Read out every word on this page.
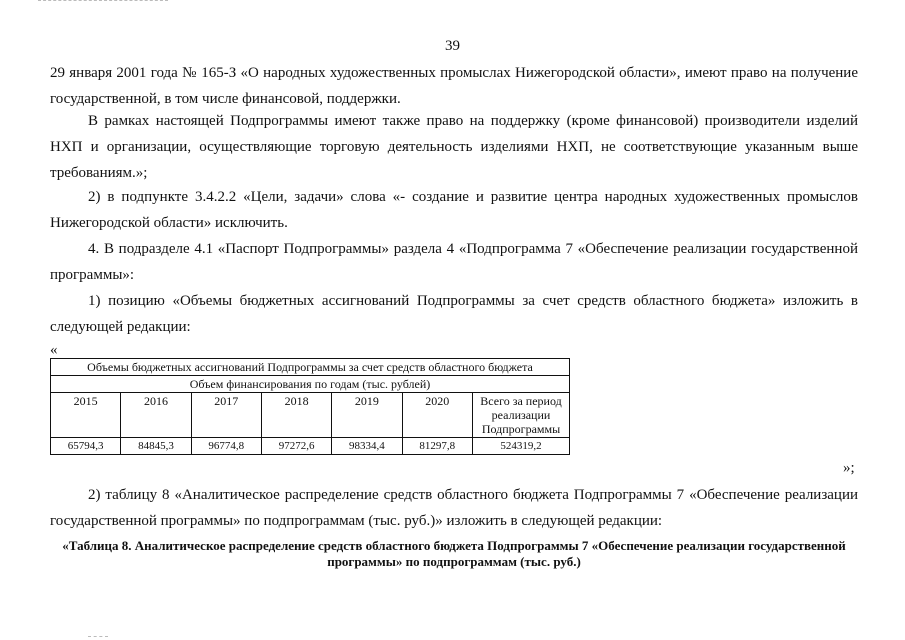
39
29 января 2001 года № 165-З «О народных художественных промыслах Нижегородской области», имеют право на получение государственной, в том числе финансовой, поддержки.
В рамках настоящей Подпрограммы имеют также право на поддержку (кроме финансовой) производители изделий НХП и организации, осуществляющие торговую деятельность изделиями НХП, не соответствующие указанным выше требованиям.»;
2) в подпункте 3.4.2.2 «Цели, задачи» слова «- создание и развитие центра народных художественных промыслов Нижегородской области» исключить.
4. В подразделе 4.1 «Паспорт Подпрограммы» раздела 4 «Подпрограмма 7 «Обеспечение реализации государственной программы»:
1) позицию «Объемы бюджетных ассигнований Подпрограммы за счет средств областного бюджета» изложить в следующей редакции:
«
Объемы бюджетных ассигнований Подпрограммы за счет средств областного бюджета						
Объем финансирования по годам (тыс. рублей)						
2015	2016	2017	2018	2019	2020	Всего за период реализации Подпрограммы
65794,3	84845,3	96774,8	97272,6	98334,4	81297,8	524319,2
»;
2) таблицу 8 «Аналитическое распределение средств областного бюджета Подпрограммы 7 «Обеспечение реализации государственной программы» по подпрограммам (тыс. руб.)» изложить в следующей редакции:
«Таблица 8. Аналитическое распределение средств областного бюджета Подпрограммы 7 «Обеспечение реализации государственной программы» по подпрограммам (тыс. руб.)
